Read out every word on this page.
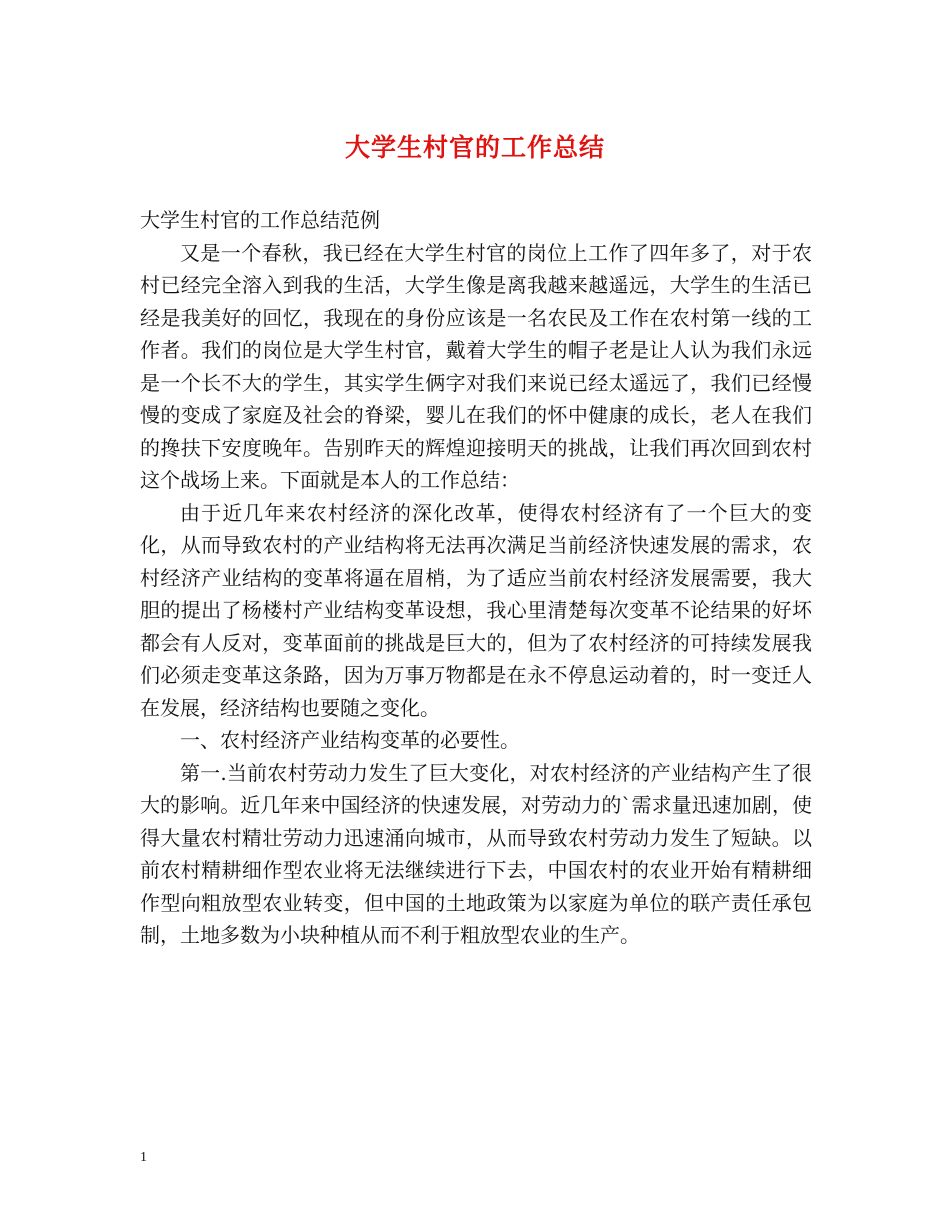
大学生村官的工作总结

大学生村官的工作总结范例

又是一个春秋，我已经在大学生村官的岗位上工作了四年多了，对于农村已经完全溶入到我的生活，大学生像是离我越来越遥远，大学生的生活已经是我美好的回忆，我现在的身份应该是一名农民及工作在农村第一线的工作者。我们的岗位是大学生村官，戴着大学生的帽子老是让人认为我们永远是一个长不大的学生，其实学生俩字对我们来说已经太遥远了，我们已经慢慢的变成了家庭及社会的脊梁，婴儿在我们的怀中健康的成长，老人在我们的搀扶下安度晚年。告别昨天的辉煌迎接明天的挑战，让我们再次回到农村这个战场上来。下面就是本人的工作总结：

由于近几年来农村经济的深化改革，使得农村经济有了一个巨大的变化，从而导致农村的产业结构将无法再次满足当前经济快速发展的需求，农村经济产业结构的变革将逼在眉梢，为了适应当前农村经济发展需要，我大胆的提出了杨楼村产业结构变革设想，我心里清楚每次变革不论结果的好坏都会有人反对，变革面前的挑战是巨大的，但为了农村经济的可持续发展我们必须走变革这条路，因为万事万物都是在永不停息运动着的，时一变迁人在发展，经济结构也要随之变化。

一、农村经济产业结构变革的必要性。

第一.当前农村劳动力发生了巨大变化，对农村经济的产业结构产生了很大的影响。近几年来中国经济的快速发展，对劳动力的`需求量迅速加剧，使得大量农村精壮劳动力迅速涌向城市，从而导致农村劳动力发生了短缺。以前农村精耕细作型农业将无法继续进行下去，中国农村的农业开始有精耕细作型向粗放型农业转变，但中国的土地政策为以家庭为单位的联产责任承包制，土地多数为小块种植从而不利于粗放型农业的生产。

1
